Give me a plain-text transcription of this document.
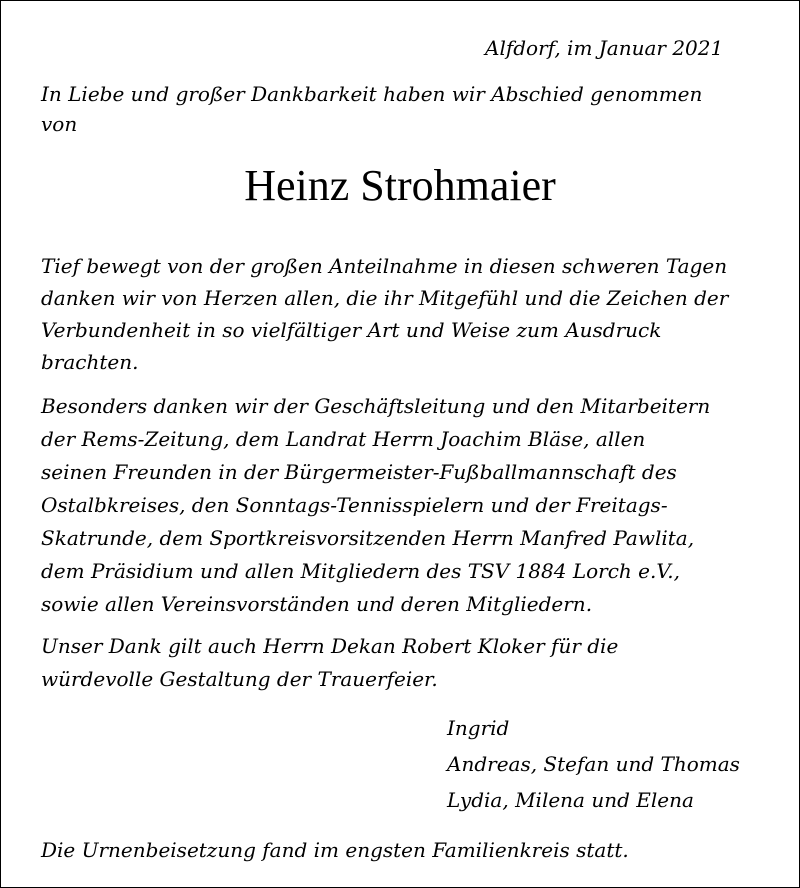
Alfdorf, im Januar 2021
In Liebe und großer Dankbarkeit haben wir Abschied genommen
von
Heinz Strohmaier
Tief bewegt von der großen Anteilnahme in diesen schweren Tagen
danken wir von Herzen allen, die ihr Mitgefühl und die Zeichen der
Verbundenheit in so vielfältiger Art und Weise zum Ausdruck
brachten.
Besonders danken wir der Geschäftsleitung und den Mitarbeitern
der Rems-Zeitung, dem Landrat Herrn Joachim Bläse, allen
seinen Freunden in der Bürgermeister-Fußballmannschaft des
Ostalbkreises, den Sonntags-Tennisspielern und der Freitags-
Skatrunde, dem Sportkreisvorsitzenden Herrn Manfred Pawlita,
dem Präsidium und allen Mitgliedern des TSV 1884 Lorch e.V.,
sowie allen Vereinsvorständen und deren Mitgliedern.
Unser Dank gilt auch Herrn Dekan Robert Kloker für die
würdevolle Gestaltung der Trauerfeier.
Ingrid
Andreas, Stefan und Thomas
Lydia, Milena und Elena
Die Urnenbeisetzung fand im engsten Familienkreis statt.
